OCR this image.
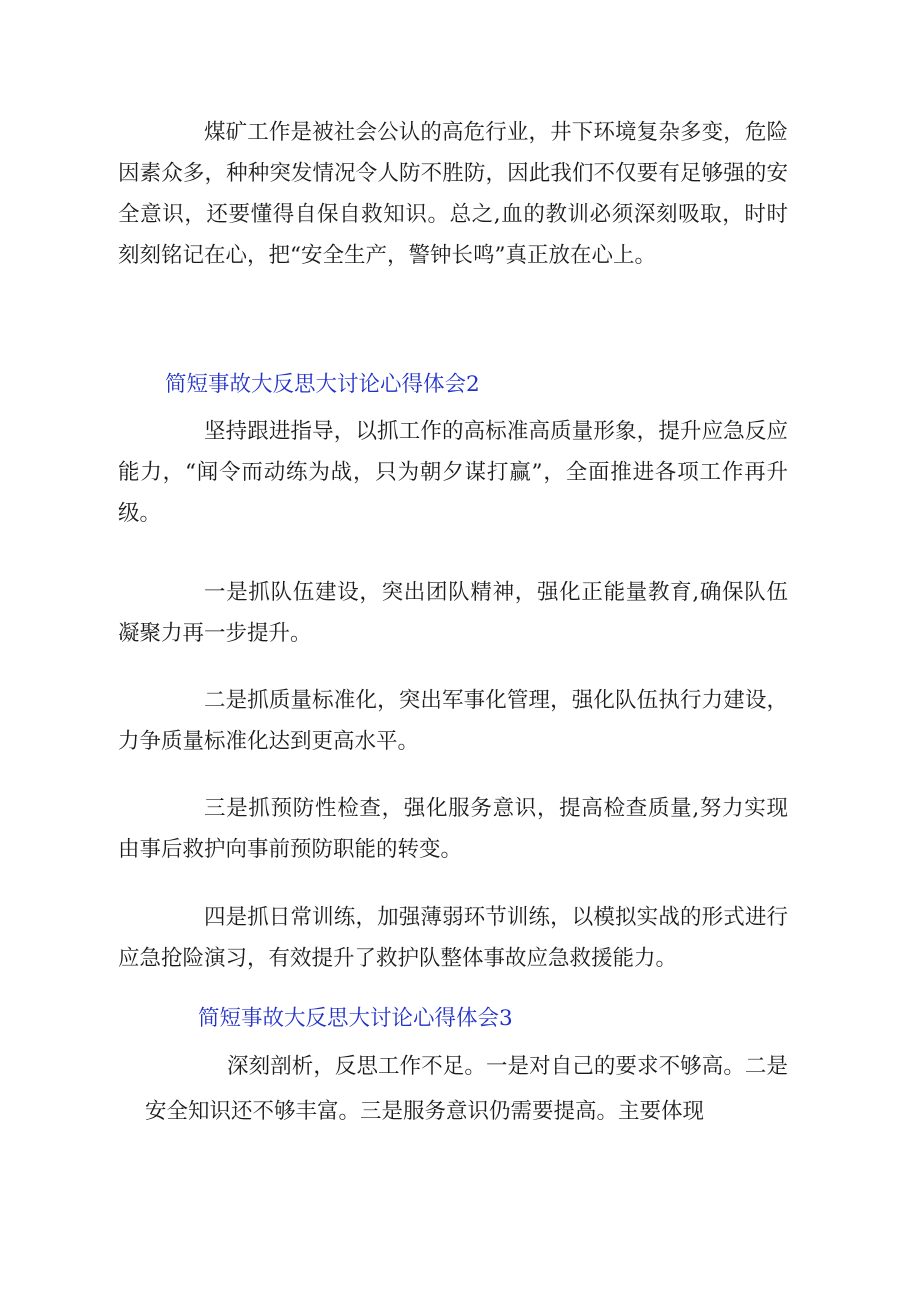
煤矿工作是被社会公认的高危行业，井下环境复杂多变，危险因素众多，种种突发情况令人防不胜防，因此我们不仅要有足够强的安全意识，还要懂得自保自救知识。总之,血的教训必须深刻吸取，时时刻刻铭记在心，把“安全生产，警钟长鸣”真正放在心上。

简短事故大反思大讨论心得体会2

坚持跟进指导，以抓工作的高标准高质量形象，提升应急反应能力，“闻令而动练为战，只为朝夕谋打赢”，全面推进各项工作再升级。

一是抓队伍建设，突出团队精神，强化正能量教育,确保队伍凝聚力再一步提升。

二是抓质量标准化，突出军事化管理，强化队伍执行力建设，力争质量标准化达到更高水平。

三是抓预防性检查，强化服务意识，提高检查质量,努力实现由事后救护向事前预防职能的转变。

四是抓日常训练，加强薄弱环节训练，以模拟实战的形式进行应急抢险演习，有效提升了救护队整体事故应急救援能力。

简短事故大反思大讨论心得体会3

深刻剖析，反思工作不足。一是对自己的要求不够高。二是安全知识还不够丰富。三是服务意识仍需要提高。主要体现
